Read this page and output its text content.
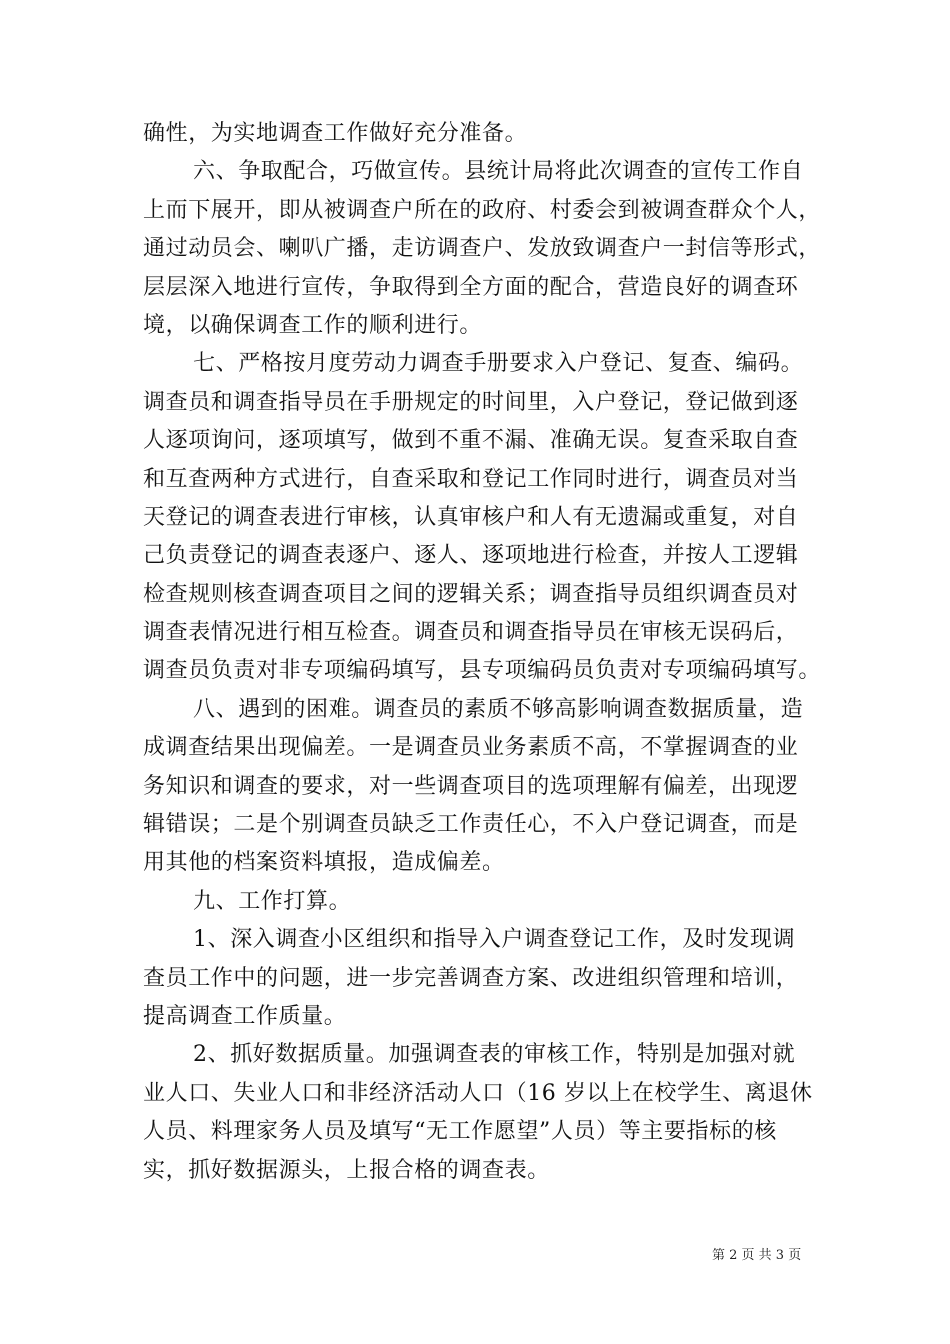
确性，为实地调查工作做好充分准备。
六、争取配合，巧做宣传。县统计局将此次调查的宣传工作自
上而下展开，即从被调查户所在的政府、村委会到被调查群众个人，
通过动员会、喇叭广播，走访调查户、发放致调查户一封信等形式，
层层深入地进行宣传，争取得到全方面的配合，营造良好的调查环
境，以确保调查工作的顺利进行。
七、严格按月度劳动力调查手册要求入户登记、复查、编码。
调查员和调查指导员在手册规定的时间里，入户登记，登记做到逐
人逐项询问，逐项填写，做到不重不漏、准确无误。复查采取自查
和互查两种方式进行，自查采取和登记工作同时进行，调查员对当
天登记的调查表进行审核，认真审核户和人有无遗漏或重复，对自
己负责登记的调查表逐户、逐人、逐项地进行检查，并按人工逻辑
检查规则核查调查项目之间的逻辑关系；调查指导员组织调查员对
调查表情况进行相互检查。调查员和调查指导员在审核无误码后，
调查员负责对非专项编码填写，县专项编码员负责对专项编码填写。
八、遇到的困难。调查员的素质不够高影响调查数据质量，造
成调查结果出现偏差。一是调查员业务素质不高，不掌握调查的业
务知识和调查的要求，对一些调查项目的选项理解有偏差，出现逻
辑错误；二是个别调查员缺乏工作责任心，不入户登记调查，而是
用其他的档案资料填报，造成偏差。
九、工作打算。
1、深入调查小区组织和指导入户调查登记工作，及时发现调
查员工作中的问题，进一步完善调查方案、改进组织管理和培训，
提高调查工作质量。
2、抓好数据质量。加强调查表的审核工作，特别是加强对就
业人口、失业人口和非经济活动人口（16 岁以上在校学生、离退休
人员、料理家务人员及填写“无工作愿望”人员）等主要指标的核
实，抓好数据源头，上报合格的调查表。
第 2 页 共 3 页
